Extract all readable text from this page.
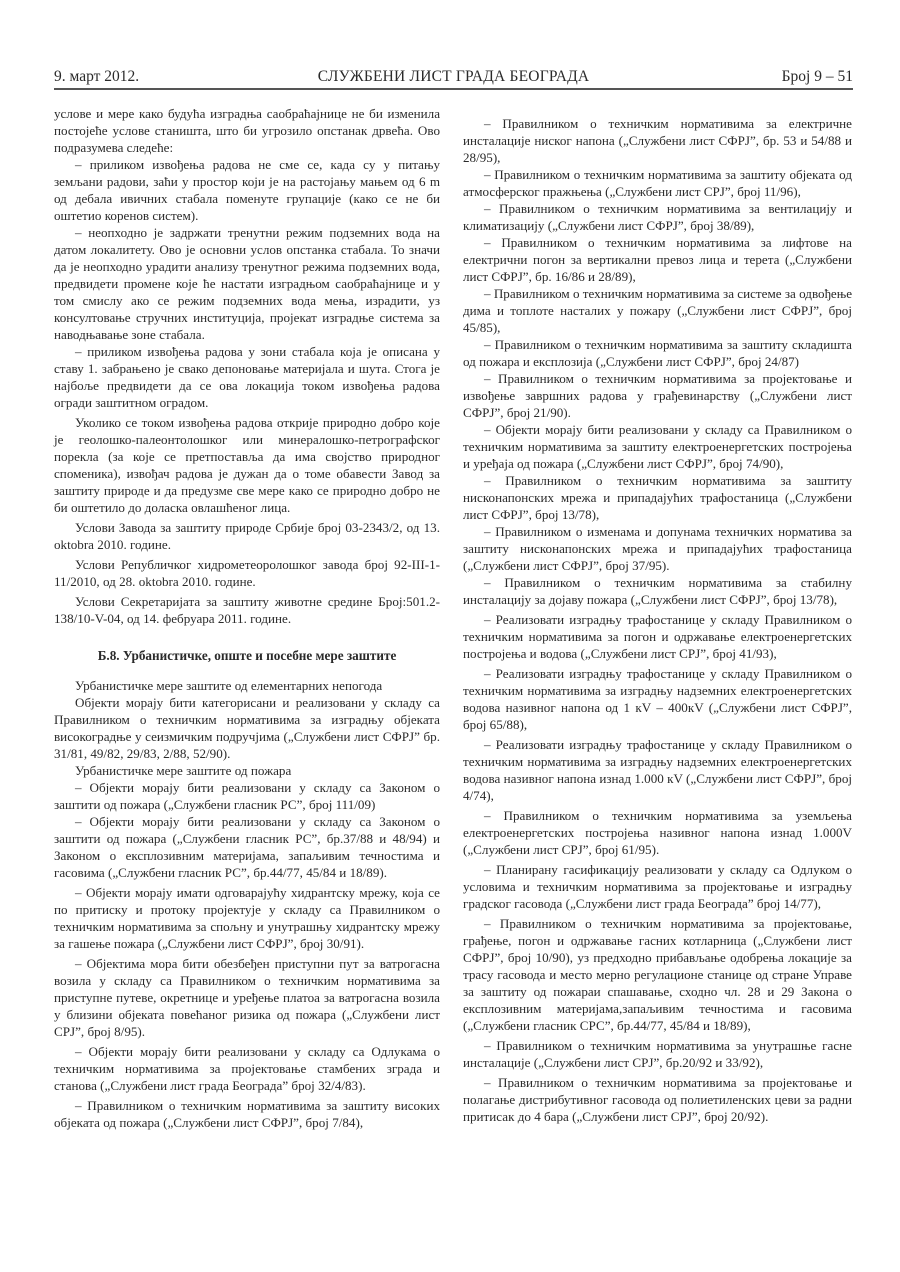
9. март 2012.	СЛУЖБЕНИ ЛИСТ ГРАДА БЕОГРАДА	Број 9 – 51

услове и мере како будућа изградња саобраћајнице не би изменила постојеће услове станишта, што би угрозило опстанак дрвећа. Ово подразумева следеће:

– приликом извођења радова не сме се, када су у питању земљани радови, заћи у простор који је на растојању мањем од 6 m од дебала ивичних стабала поменуте групације (како се не би оштетио коренов систем).

– неопходно је задржати тренутни режим подземних вода на датом локалитету. Ово је основни услов опстанка стабала. То значи да је неопходно урадити анализу тренутног режима подземних вода, предвидети промене које ће настати изградњом саобраћајнице и у том смислу ако се режим подземних вода мења, израдити, уз консултовање стручних институција, пројекат изградње система за наводњавање зоне стабала.

– приликом извођења радова у зони стабала која је описана у ставу 1. забрањено је свако депоновање материјала и шута. Стога је најбоље предвидети да се ова локација током извођења радова огради заштитном оградом.

Уколико се током извођења радова открије природно добро које је геолошко-палеонтолошког или минералошко-петрографског порекла (за које се претпоставља да има својство природног споменика), извођач радова је дужан да о томе обавести Завод за заштиту природе и да предузме све мере како се природно добро не би оштетило до доласка овлашћеног лица.

Услови Завода за заштиту природе Србије број 03-2343/2, од 13. oktobra 2010. године.

Услови Републичког хидрометеоролошког завода број 92-III-1-11/2010, од 28. oktobra 2010. године.

Услови Секретаријата за заштиту животне средине Број:501.2-138/10-V-04, од 14. фебруара 2011. године.

Б.8. Урбанистичке, опште и посебне мере заштите

Урбанистичке мере заштите од елементарних непогода

Објекти морају бити категорисани и реализовани у складу са Правилником о техничким нормативима за изградњу објеката високоградње у сеизмичким подручјима („Службени лист СФРЈ” бр. 31/81, 49/82, 29/83, 2/88, 52/90).

Урбанистичке мере заштите од пожара

– Објекти морају бити реализовани у складу са Законом о заштити од пожара („Службени гласник РС”, број 111/09)

– Објекти морају бити реализовани у складу са Законом о заштити од пожара („Службени гласник РС”, бр.37/88 и 48/94) и Законом о експлозивним материјама, запаљивим течностима и гасовима („Службени гласник РС”, бр.44/77, 45/84 и 18/89).

– Објекти морају имати одговарајућу хидрантску мрежу, која се по притиску и протоку пројектује у складу са Правилником о техничким нормативима за спољну и унутрашњу хидрантску мрежу за гашење пожара („Службени лист СФРЈ”, број 30/91).

– Објектима мора бити обезбеђен приступни пут за ватрогасна возила у складу са Правилником о техничким нормативима за приступне путеве, окретнице и уређење платоа за ватрогасна возила у близини објеката повећаног ризика од пожара („Службени лист СРЈ”, број 8/95).

– Објекти морају бити реализовани у складу са Одлукама о техничким нормативима за пројектовање стамбених зграда и станова („Службени лист града Београда” број 32/4/83).

– Правилником о техничким нормативима за заштиту високих објеката од пожара („Службени лист СФРЈ”, број 7/84),

– Правилником о техничким нормативима за електричне инсталације ниског напона („Службени лист СФРЈ”, бр. 53 и 54/88 и 28/95),

– Правилником о техничким нормативима за заштиту објеката од атмосферског пражњења („Службени лист СРЈ”, број 11/96),

– Правилником о техничким нормативима за вентилацију и климатизацију („Службени лист СФРЈ”, број 38/89),

– Правилником о техничким нормативима за лифтове на електрични погон за вертикални превоз лица и терета („Службени лист СФРЈ”, бр. 16/86 и 28/89),

– Правилником о техничким нормативима за системе за одвођење дима и топлоте насталих у пожару („Службени лист СФРЈ”, број 45/85),

– Правилником о техничким нормативима за заштиту складишта од пожара и експлозија („Службени лист СФРЈ”, број 24/87)

– Правилником о техничким нормативима за пројектовање и извођење завршних радова у грађевинарству („Службени лист СФРЈ”, број 21/90).

– Објекти морају бити реализовани у складу са Правилником о техничким нормативима за заштиту електроенергетских постројења и уређаја од пожара („Службени лист СФРЈ”, број 74/90),

– Правилником о техничким нормативима за заштиту нисконапонских мрежа и припадајућих трафостаница („Службени лист СФРЈ”, број 13/78),

– Правилником о изменама и допунама техничких норматива за заштиту нисконапонских мрежа и припадајућих трафостаница („Службени лист СФРЈ”, број 37/95).

– Правилником о техничким нормативима за стабилну инсталацију за дојаву пожара („Службени лист СФРЈ”, број 13/78),

– Реализовати изградњу трафостанице у складу Правилником о техничким нормативима за погон и одржавање електроенергетских постројења и водова („Службени лист СРЈ”, број 41/93),

– Реализовати изградњу трафостанице у складу Правилником о техничким нормативима за изградњу надземних електроенергетских водова називног напона од 1 кV – 400кV („Службени лист СФРЈ”, број 65/88),

– Реализовати изградњу трафостанице у складу Правилником о техничким нормативима за изградњу надземних електроенергетских водова називног напона изнад 1.000 кV („Службени лист СФРЈ”, број 4/74),

– Правилником о техничким нормативима за уземљења електроенергетских постројења називног напона изнад 1.000V („Службени лист СРЈ”, број 61/95).

– Планирану гасификацију реализовати у складу са Одлуком о условима и техничким нормативима за пројектовање и изградњу градског гасовода („Службени лист града Београда” број 14/77),

– Правилником о техничким нормативима за пројектовање, грађење, погон и одржавање гасних котларница („Службени лист СФРЈ”, број 10/90), уз предходно прибављање одобрења локације за трасу гасовода и место мерно регулационе станице од стране Управе за заштиту од пожараи спашавање, сходно чл. 28 и 29 Закона о експлозивним материјама,запаљивим течностима и гасовима („Службени гласник СРС”, бр.44/77, 45/84 и 18/89),

– Правилником о техничким нормативима за унутрашње гасне инсталације („Службени лист СРЈ”, бр.20/92 и 33/92),

– Правилником о техничким нормативима за пројектовање и полагање дистрибутивног гасовода од полиетиленских цеви за радни притисак до 4 бара („Службени лист СРЈ”, број 20/92).
